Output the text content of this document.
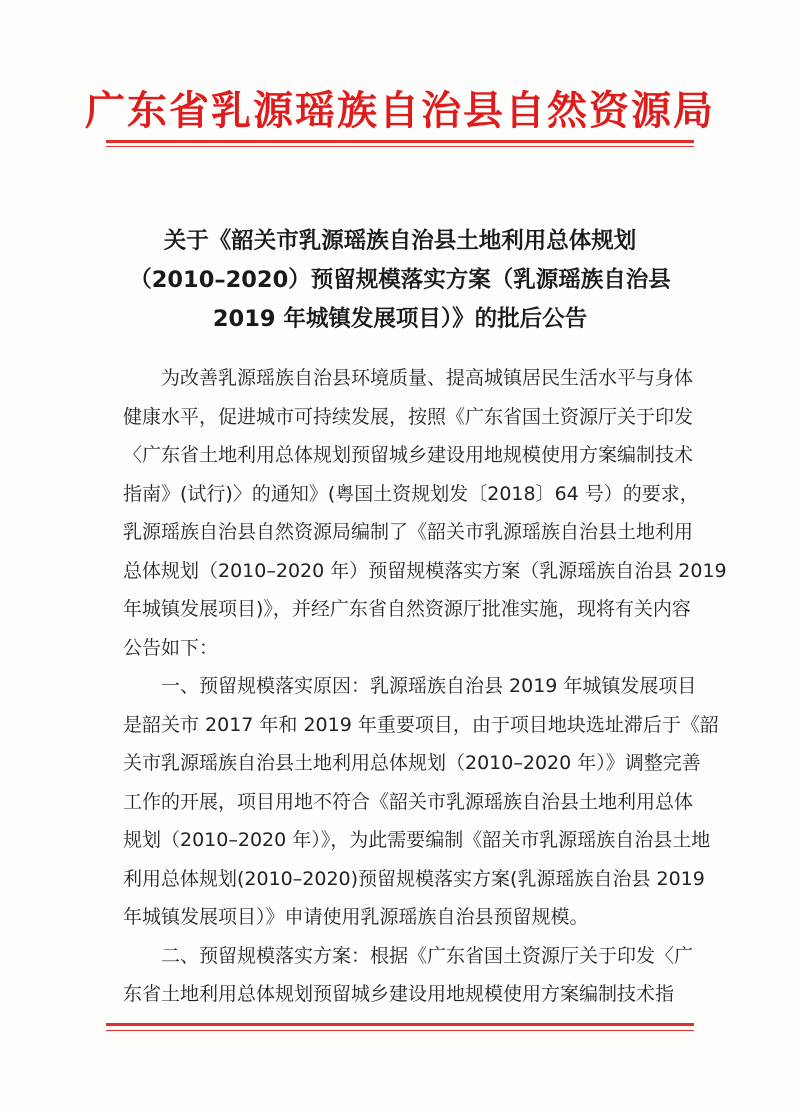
广东省乳源瑶族自治县自然资源局
关于《韶关市乳源瑶族自治县土地利用总体规划
（2010–2020）预留规模落实方案（乳源瑶族自治县
2019 年城镇发展项目）》的批后公告
为改善乳源瑶族自治县环境质量、提高城镇居民生活水平与身体
健康水平，促进城市可持续发展，按照《广东省国土资源厅关于印发
〈广东省土地利用总体规划预留城乡建设用地规模使用方案编制技术
指南》(试行)〉的通知》(粤国土资规划发〔2018〕64 号）的要求，
乳源瑶族自治县自然资源局编制了《韶关市乳源瑶族自治县土地利用
总体规划（2010–2020 年）预留规模落实方案（乳源瑶族自治县 2019
年城镇发展项目)》，并经广东省自然资源厅批准实施，现将有关内容
公告如下：
一、预留规模落实原因：乳源瑶族自治县 2019 年城镇发展项目
是韶关市 2017 年和 2019 年重要项目，由于项目地块选址滞后于《韶
关市乳源瑶族自治县土地利用总体规划（2010–2020 年）》调整完善
工作的开展，项目用地不符合《韶关市乳源瑶族自治县土地利用总体
规划（2010–2020 年）》，为此需要编制《韶关市乳源瑶族自治县土地
利用总体规划(2010–2020)预留规模落实方案(乳源瑶族自治县 2019
年城镇发展项目）》申请使用乳源瑶族自治县预留规模。
二、预留规模落实方案：根据《广东省国土资源厅关于印发〈广
东省土地利用总体规划预留城乡建设用地规模使用方案编制技术指
